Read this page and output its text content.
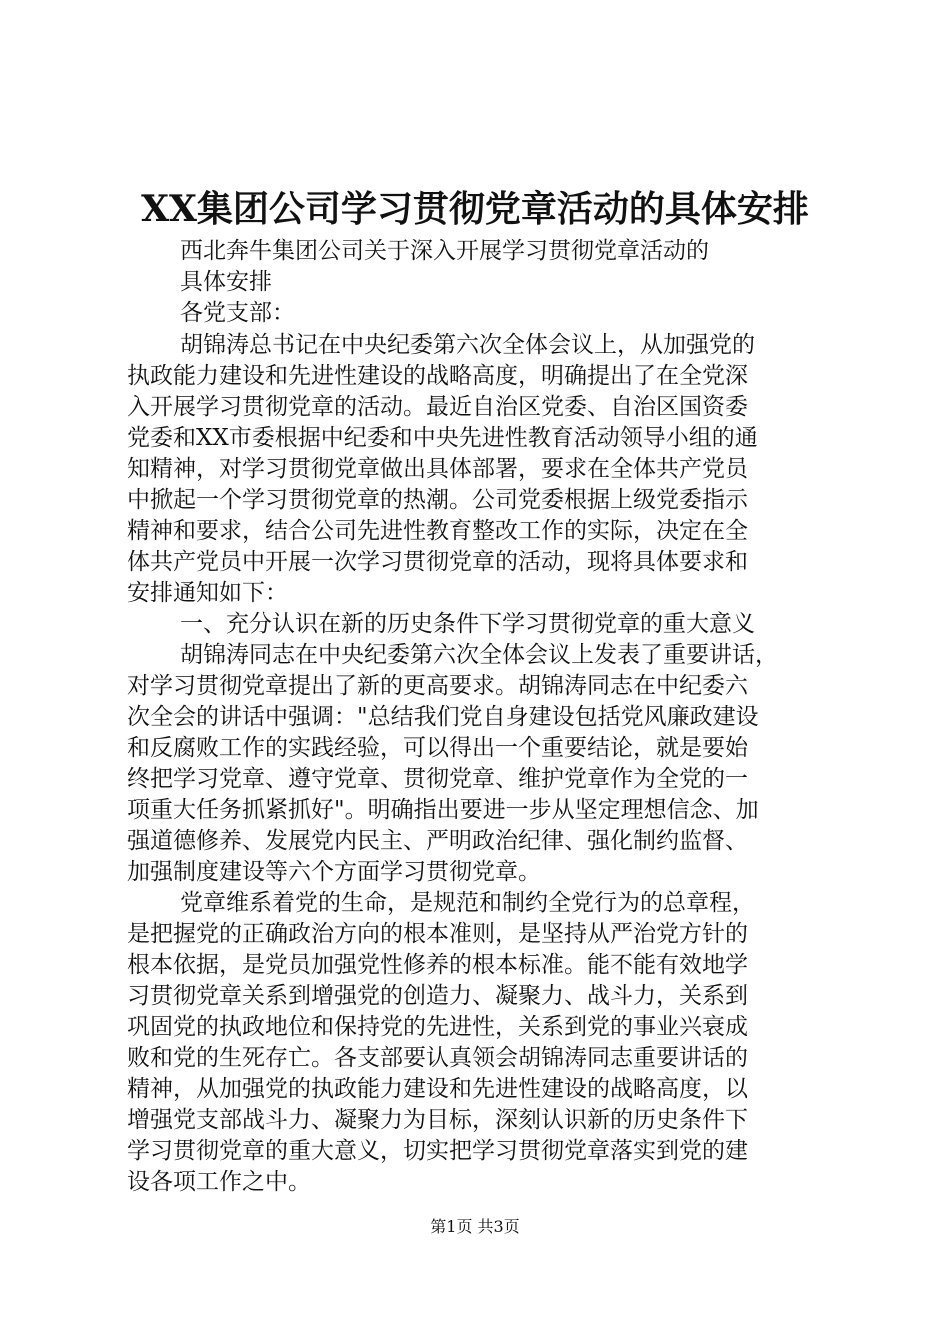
XX集团公司学习贯彻党章活动的具体安排
西北奔牛集团公司关于深入开展学习贯彻党章活动的
具体安排
各党支部：
胡锦涛总书记在中央纪委第六次全体会议上，从加强党的
执政能力建设和先进性建设的战略高度，明确提出了在全党深
入开展学习贯彻党章的活动。最近自治区党委、自治区国资委
党委和XX市委根据中纪委和中央先进性教育活动领导小组的通
知精神，对学习贯彻党章做出具体部署，要求在全体共产党员
中掀起一个学习贯彻党章的热潮。公司党委根据上级党委指示
精神和要求，结合公司先进性教育整改工作的实际，决定在全
体共产党员中开展一次学习贯彻党章的活动，现将具体要求和
安排通知如下：
一、充分认识在新的历史条件下学习贯彻党章的重大意义
胡锦涛同志在中央纪委第六次全体会议上发表了重要讲话，
对学习贯彻党章提出了新的更高要求。胡锦涛同志在中纪委六
次全会的讲话中强调："总结我们党自身建设包括党风廉政建设
和反腐败工作的实践经验，可以得出一个重要结论，就是要始
终把学习党章、遵守党章、贯彻党章、维护党章作为全党的一
项重大任务抓紧抓好"。明确指出要进一步从坚定理想信念、加
强道德修养、发展党内民主、严明政治纪律、强化制约监督、
加强制度建设等六个方面学习贯彻党章。
党章维系着党的生命，是规范和制约全党行为的总章程，
是把握党的正确政治方向的根本准则，是坚持从严治党方针的
根本依据，是党员加强党性修养的根本标准。能不能有效地学
习贯彻党章关系到增强党的创造力、凝聚力、战斗力，关系到
巩固党的执政地位和保持党的先进性，关系到党的事业兴衰成
败和党的生死存亡。各支部要认真领会胡锦涛同志重要讲话的
精神，从加强党的执政能力建设和先进性建设的战略高度，以
增强党支部战斗力、凝聚力为目标，深刻认识新的历史条件下
学习贯彻党章的重大意义，切实把学习贯彻党章落实到党的建
设各项工作之中。
第1页 共3页
